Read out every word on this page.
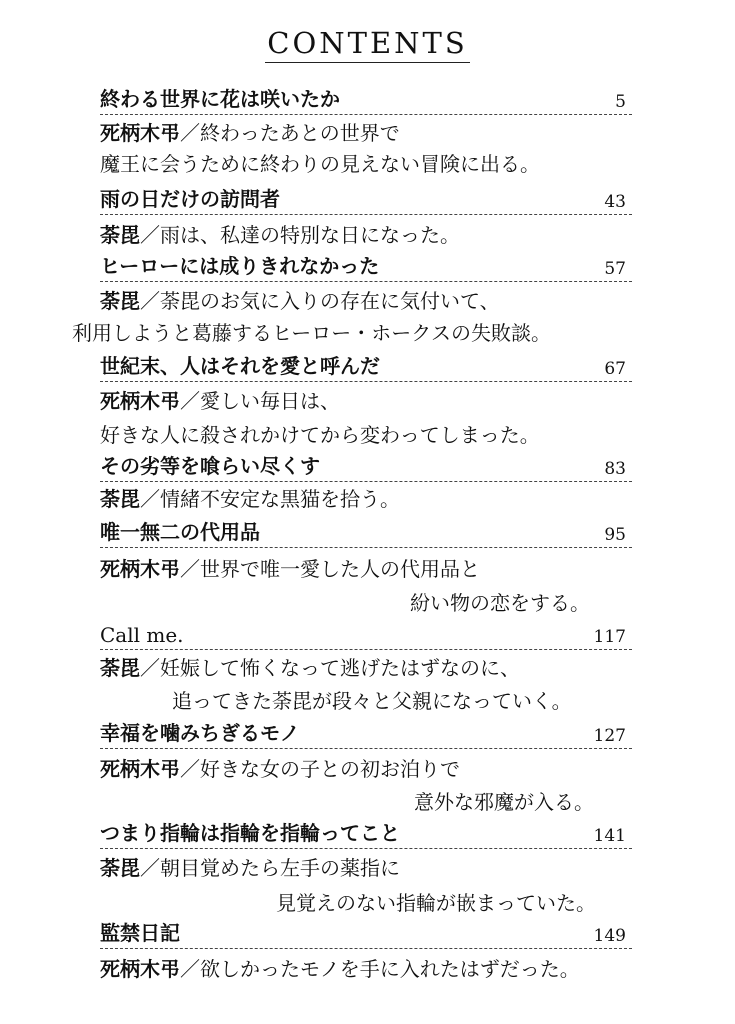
CONTENTS
終わる世界に花は咲いたか	5
死柄木弔／終わったあとの世界で
魔王に会うために終わりの見えない冒険に出る。
雨の日だけの訪問者	43
荼毘／雨は、私達の特別な日になった。
ヒーローには成りきれなかった	57
荼毘／荼毘のお気に入りの存在に気付いて、
利用しようと葛藤するヒーロー・ホークスの失敗談。
世紀末、人はそれを愛と呼んだ	67
死柄木弔／愛しい毎日は、
好きな人に殺されかけてから変わってしまった。
その劣等を喰らい尽くす	83
荼毘／情緒不安定な黒猫を拾う。
唯一無二の代用品	95
死柄木弔／世界で唯一愛した人の代用品と
紛い物の恋をする。
Call me.	117
荼毘／妊娠して怖くなって逃げたはずなのに、
追ってきた荼毘が段々と父親になっていく。
幸福を噛みちぎるモノ	127
死柄木弔／好きな女の子との初お泊りで
意外な邪魔が入る。
つまり指輪は指輪を指輪ってこと	141
荼毘／朝目覚めたら左手の薬指に
見覚えのない指輪が嵌まっていた。
監禁日記	149
死柄木弔／欲しかったモノを手に入れたはずだった。
